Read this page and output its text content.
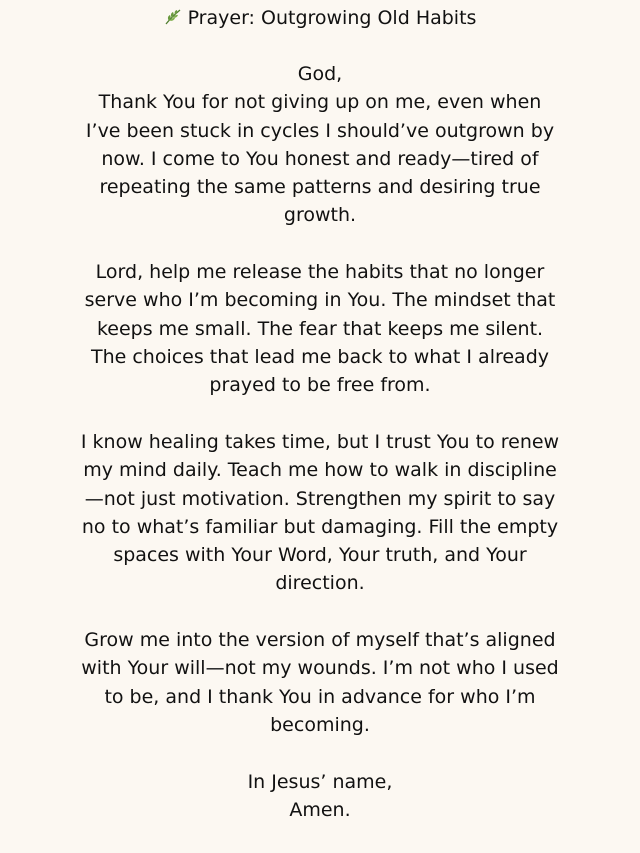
Prayer: Outgrowing Old Habits
God,
Thank You for not giving up on me, even when
I’ve been stuck in cycles I should’ve outgrown by
now. I come to You honest and ready—tired of
repeating the same patterns and desiring true
growth.
Lord, help me release the habits that no longer
serve who I’m becoming in You. The mindset that
keeps me small. The fear that keeps me silent.
The choices that lead me back to what I already
prayed to be free from.
I know healing takes time, but I trust You to renew
my mind daily. Teach me how to walk in discipline
—not just motivation. Strengthen my spirit to say
no to what’s familiar but damaging. Fill the empty
spaces with Your Word, Your truth, and Your
direction.
Grow me into the version of myself that’s aligned
with Your will—not my wounds. I’m not who I used
to be, and I thank You in advance for who I’m
becoming.
In Jesus’ name,
Amen.
